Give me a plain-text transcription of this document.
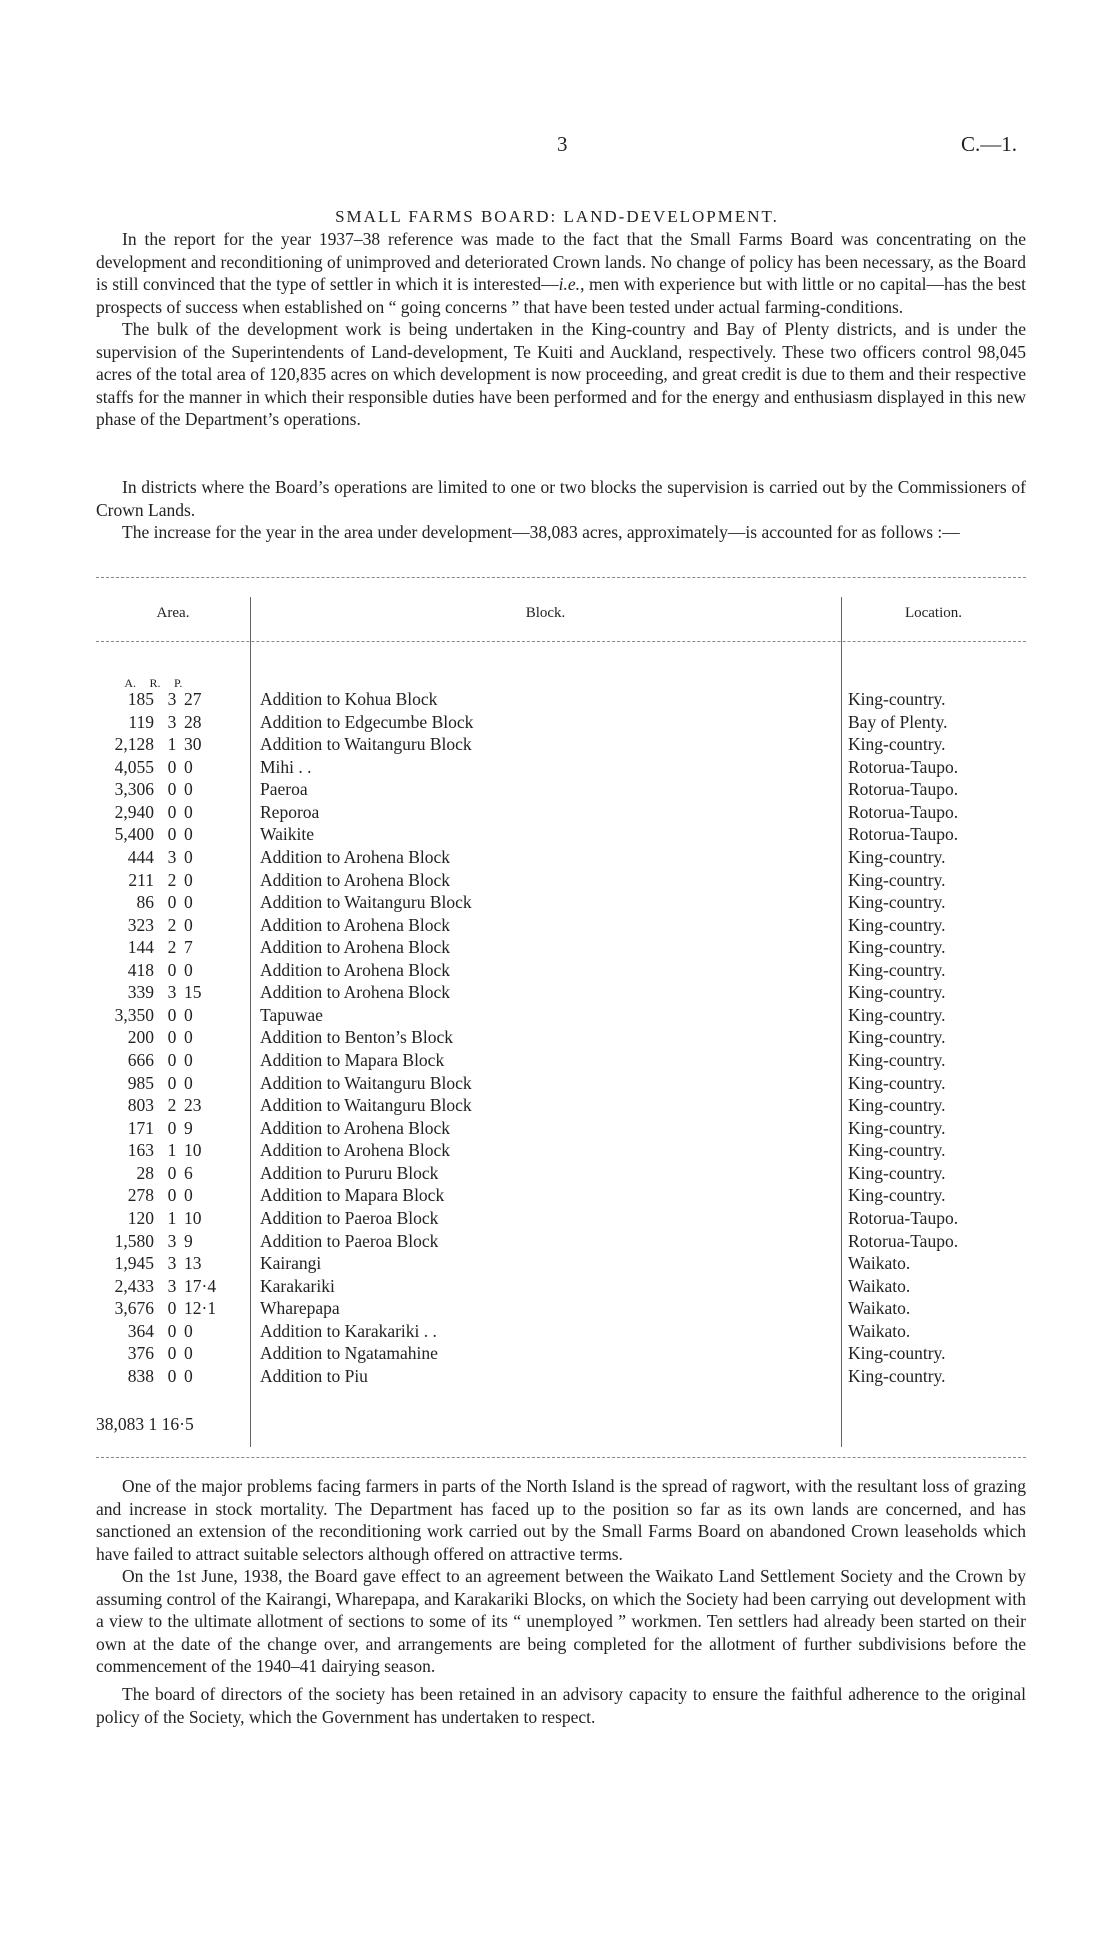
3	C.—1.
SMALL FARMS BOARD: LAND-DEVELOPMENT.

In the report for the year 1937–38 reference was made to the fact that the Small Farms Board was concentrating on the development and reconditioning of unimproved and deteriorated Crown lands. No change of policy has been necessary, as the Board is still convinced that the type of settler in which it is interested—i.e., men with experience but with little or no capital—has the best prospects of success when established on “ going concerns ” that have been tested under actual farming-conditions.

The bulk of the development work is being undertaken in the King-country and Bay of Plenty districts, and is under the supervision of the Superintendents of Land-development, Te Kuiti and Auckland, respectively. These two officers control 98,045 acres of the total area of 120,835 acres on which development is now proceeding, and great credit is due to them and their respective staffs for the manner in which their responsible duties have been performed and for the energy and enthusiasm displayed in this new phase of the Department’s operations.

In districts where the Board’s operations are limited to one or two blocks the supervision is carried out by the Commissioners of Crown Lands.

The increase for the year in the area under development—38,083 acres, approximately—is accounted for as follows :—

Area.	Block.	Location.
A. R. P.
185 3 27	Addition to Kohua Block	King-country.
119 3 28	Addition to Edgecumbe Block	Bay of Plenty.
2,128 1 30	Addition to Waitanguru Block	King-country.
4,055 0 0	Mihi . .	Rotorua-Taupo.
3,306 0 0	Paeroa	Rotorua-Taupo.
2,940 0 0	Reporoa	Rotorua-Taupo.
5,400 0 0	Waikite	Rotorua-Taupo.
444 3 0	Addition to Arohena Block	King-country.
211 2 0	Addition to Arohena Block	King-country.
86 0 0	Addition to Waitanguru Block	King-country.
323 2 0	Addition to Arohena Block	King-country.
144 2 7	Addition to Arohena Block	King-country.
418 0 0	Addition to Arohena Block	King-country.
339 3 15	Addition to Arohena Block	King-country.
3,350 0 0	Tapuwae	King-country.
200 0 0	Addition to Benton’s Block	King-country.
666 0 0	Addition to Mapara Block	King-country.
985 0 0	Addition to Waitanguru Block	King-country.
803 2 23	Addition to Waitanguru Block	King-country.
171 0 9	Addition to Arohena Block	King-country.
163 1 10	Addition to Arohena Block	King-country.
28 0 6	Addition to Pururu Block	King-country.
278 0 0	Addition to Mapara Block	King-country.
120 1 10	Addition to Paeroa Block	Rotorua-Taupo.
1,580 3 9	Addition to Paeroa Block	Rotorua-Taupo.
1,945 3 13	Kairangi	Waikato.
2,433 3 17·4	Karakariki	Waikato.
3,676 0 12·1	Wharepapa	Waikato.
364 0 0	Addition to Karakariki . .	Waikato.
376 0 0	Addition to Ngatamahine	King-country.
838 0 0	Addition to Piu	King-country.
38,083 1 16·5

One of the major problems facing farmers in parts of the North Island is the spread of ragwort, with the resultant loss of grazing and increase in stock mortality. The Department has faced up to the position so far as its own lands are concerned, and has sanctioned an extension of the reconditioning work carried out by the Small Farms Board on abandoned Crown leaseholds which have failed to attract suitable selectors although offered on attractive terms.

On the 1st June, 1938, the Board gave effect to an agreement between the Waikato Land Settlement Society and the Crown by assuming control of the Kairangi, Wharepapa, and Karakariki Blocks, on which the Society had been carrying out development with a view to the ultimate allotment of sections to some of its “ unemployed ” workmen. Ten settlers had already been started on their own at the date of the change over, and arrangements are being completed for the allotment of further subdivisions before the commencement of the 1940–41 dairying season.

The board of directors of the society has been retained in an advisory capacity to ensure the faithful adherence to the original policy of the Society, which the Government has undertaken to respect.
